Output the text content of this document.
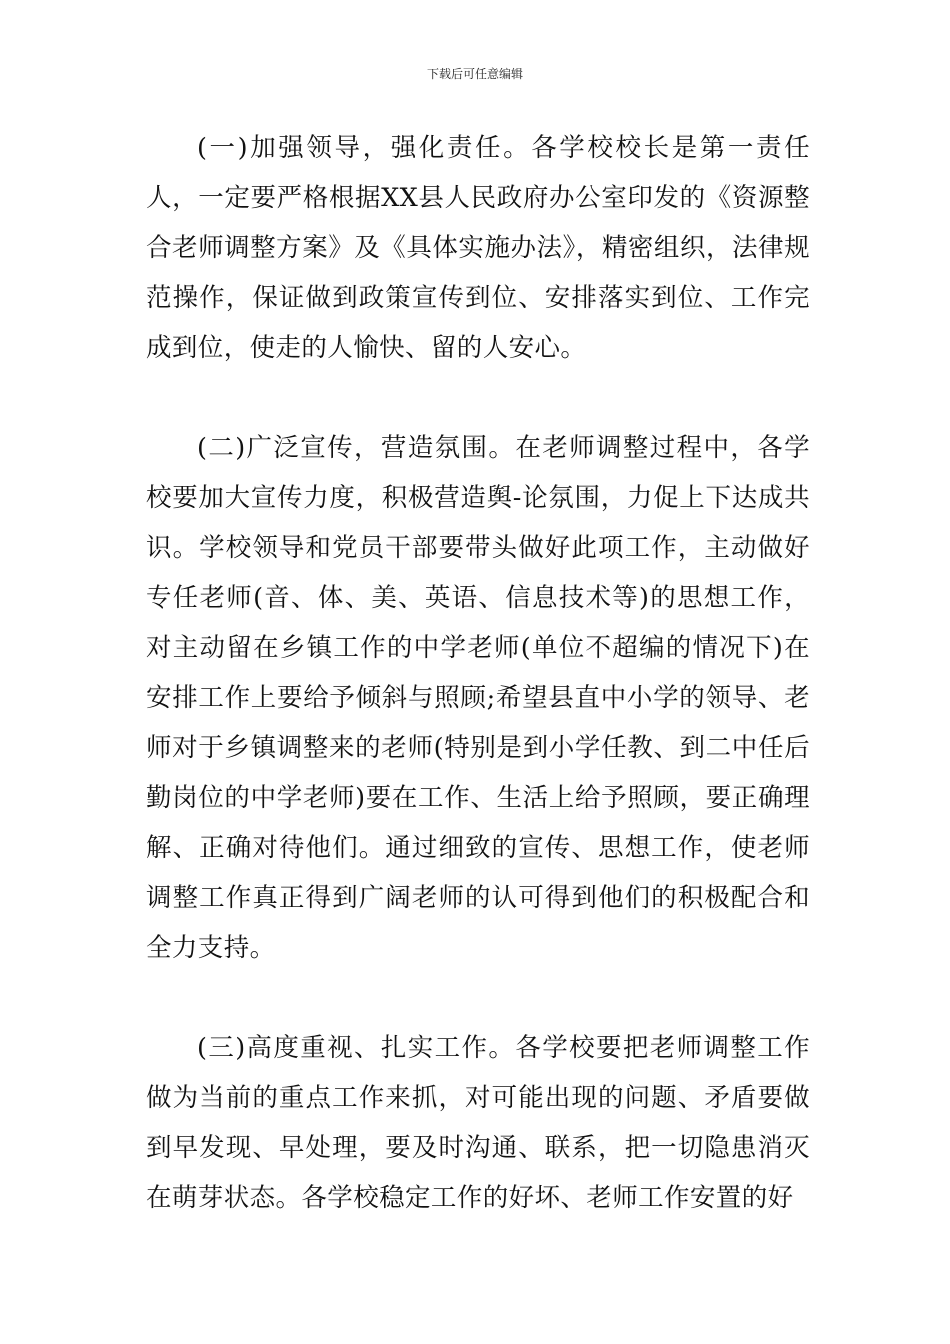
下载后可任意编辑

(一)加强领导，强化责任。各学校校长是第一责任人，一定要严格根据XX县人民政府办公室印发的《资源整合老师调整方案》及《具体实施办法》，精密组织，法律规范操作，保证做到政策宣传到位、安排落实到位、工作完成到位，使走的人愉快、留的人安心。

(二)广泛宣传，营造氛围。在老师调整过程中，各学校要加大宣传力度，积极营造舆-论氛围，力促上下达成共识。学校领导和党员干部要带头做好此项工作，主动做好专任老师(音、体、美、英语、信息技术等)的思想工作，对主动留在乡镇工作的中学老师(单位不超编的情况下)在安排工作上要给予倾斜与照顾;希望县直中小学的领导、老师对于乡镇调整来的老师(特别是到小学任教、到二中任后勤岗位的中学老师)要在工作、生活上给予照顾，要正确理解、正确对待他们。通过细致的宣传、思想工作，使老师调整工作真正得到广阔老师的认可得到他们的积极配合和全力支持。

(三)高度重视、扎实工作。各学校要把老师调整工作做为当前的重点工作来抓，对可能出现的问题、矛盾要做到早发现、早处理，要及时沟通、联系，把一切隐患消灭在萌芽状态。各学校稳定工作的好坏、老师工作安置的好
